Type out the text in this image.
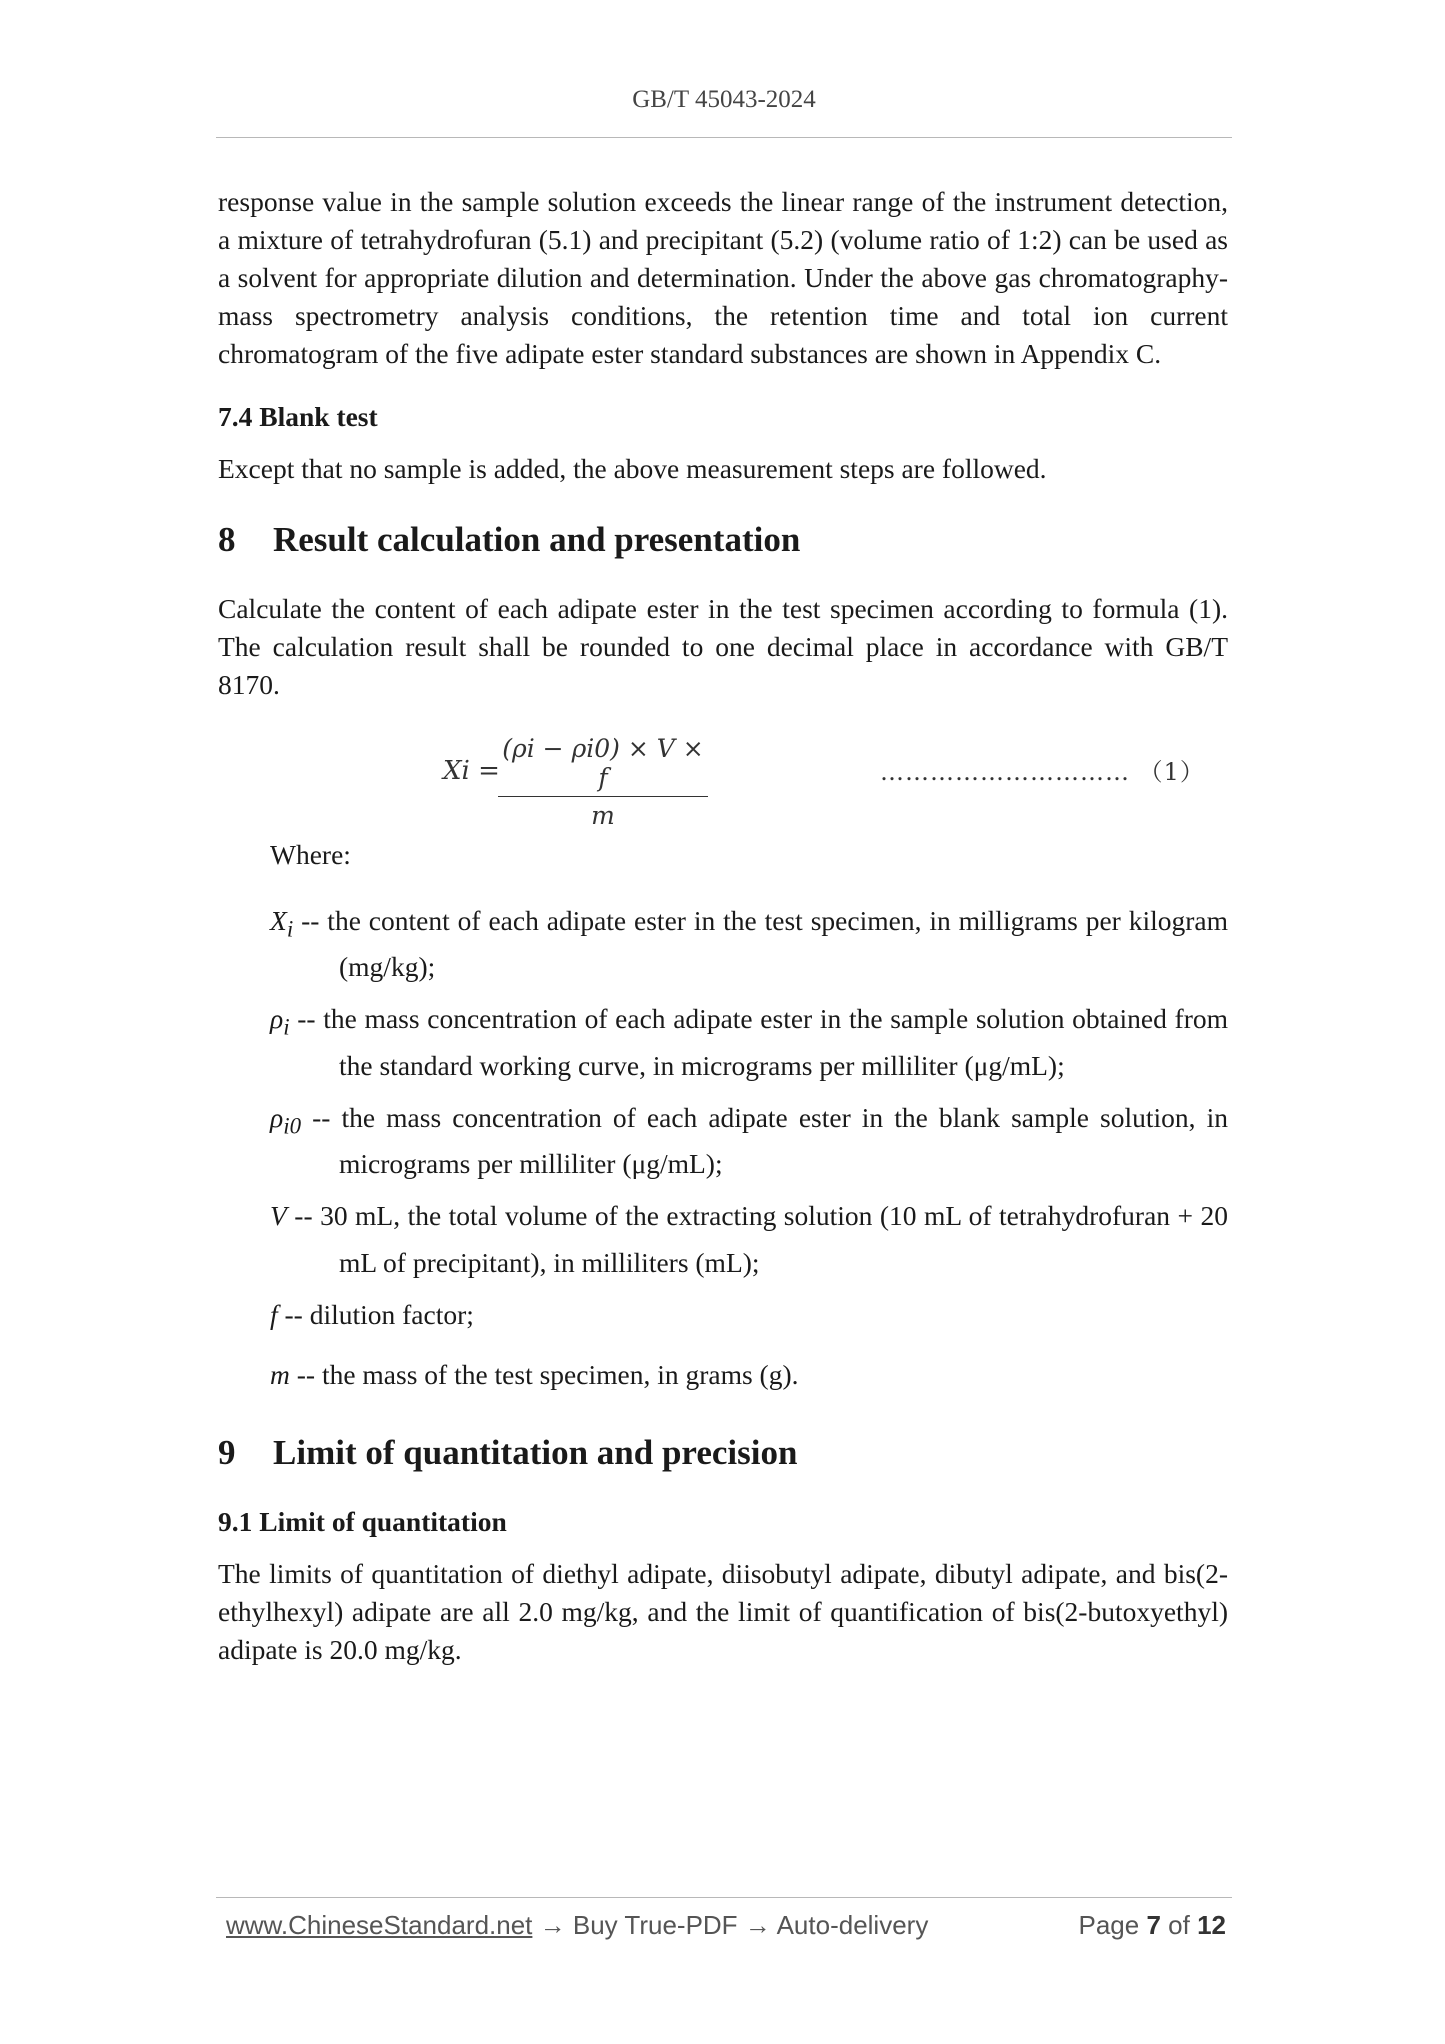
GB/T 45043-2024

response value in the sample solution exceeds the linear range of the instrument detection, a mixture of tetrahydrofuran (5.1) and precipitant (5.2) (volume ratio of 1:2) can be used as a solvent for appropriate dilution and determination. Under the above gas chromatography-mass spectrometry analysis conditions, the retention time and total ion current chromatogram of the five adipate ester standard substances are shown in Appendix C.

7.4 Blank test

Except that no sample is added, the above measurement steps are followed.

8 Result calculation and presentation

Calculate the content of each adipate ester in the test specimen according to formula (1). The calculation result shall be rounded to one decimal place in accordance with GB/T 8170.

Xi =
$\frac{(\rho i - \rho i0) \times V \times f}{m}$	………………………… （1）

Where:

$X_i$ -- the content of each adipate ester in the test specimen, in milligrams per kilogram (mg/kg);

$\rho_i$ -- the mass concentration of each adipate ester in the sample solution obtained from the standard working curve, in micrograms per milliliter (μg/mL);

$\rho_{i0}$ -- the mass concentration of each adipate ester in the blank sample solution, in micrograms per milliliter (μg/mL);

V -- 30 mL, the total volume of the extracting solution (10 mL of tetrahydrofuran + 20 mL of precipitant), in milliliters (mL);

f -- dilution factor;

m -- the mass of the test specimen, in grams (g).

9 Limit of quantitation and precision

9.1 Limit of quantitation

The limits of quantitation of diethyl adipate, diisobutyl adipate, dibutyl adipate, and bis(2-ethylhexyl) adipate are all 2.0 mg/kg, and the limit of quantification of bis(2-butoxyethyl) adipate is 20.0 mg/kg.

www.ChineseStandard.net → Buy True-PDF → Auto-delivery	Page 7 of 12
